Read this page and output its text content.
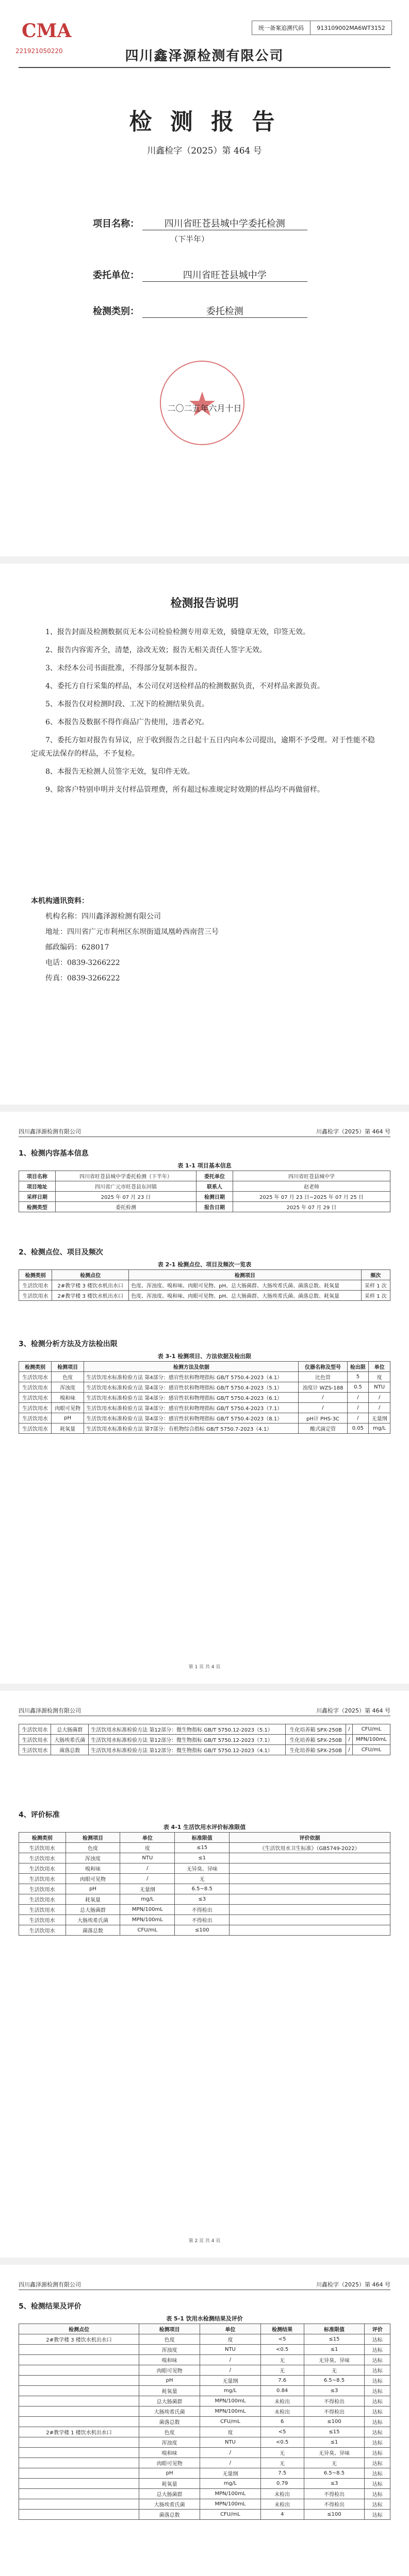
CMA
221921050220
统一备案追溯代码	913109002MA6WT3152
四川鑫泽源检测有限公司
检 测 报 告
川鑫检字（2025）第 464 号
项目名称：	四川省旺苍县城中学委托检测
（下半年）
委托单位：	四川省旺苍县城中学
检测类别：	委托检测
二〇二五年六月十日
检测报告说明

1、报告封面及检测数据页无本公司检验检测专用章无效，骑缝章无效，印签无效。

2、报告内容需齐全，清楚，涂改无效；报告无相关责任人签字无效。

3、未经本公司书面批准，不得部分复制本报告。

4、委托方自行采集的样品，本公司仅对送检样品的检测数据负责，不对样品来源负责。

5、本报告仅对检测时段、工况下的检测结果负责。

6、本报告及数据不得作商品广告使用，违者必究。

7、委托方如对报告有异议，应于收到报告之日起十五日内向本公司提出，逾期不予受理。对于性能不稳定或无法保存的样品，不予复检。

8、本报告无检测人员签字无效，复印件无效。

9、除客户特别申明并支付样品管理费，所有超过标准规定时效期的样品均不再做留样。

本机构通讯资料：
机构名称：四川鑫泽源检测有限公司
地址：四川省广元市利州区东坝街道凤凰岭西南营三号
邮政编码：628017
电话：0839-3266222
传真：0839-3266222
四川鑫泽源检测有限公司	川鑫检字（2025）第 464 号
1、检测内容基本信息
表 1-1 项目基本信息
项目名称	四川省旺苍县城中学委托检测（下半年）	委托单位	四川省旺苍县城中学
项目地址	四川省广元市旺苍县东河镇	联系人	赵老师
采样日期	2025 年 07 月 23 日	检测日期	2025 年 07 月 23 日~2025 年 07 月 25 日
检测类型	委托检测	报告日期	2025 年 07 月 29 日
2、检测点位、项目及频次
表 2-1 检测点位、项目及频次一览表
检测类别	检测点位	检测项目	频次
生活饮用水	2#教学楼 3 楼饮水机出水口	色度、浑浊度、嗅和味、肉眼可见物、pH、总大肠菌群、大肠埃希氏菌、菌落总数、耗氧量	采样 1 次
生活饮用水	2#教学楼 3 楼饮水机出水口	色度、浑浊度、嗅和味、肉眼可见物、pH、总大肠菌群、大肠埃希氏菌、菌落总数、耗氧量	采样 1 次
3、检测分析方法及方法检出限
表 3-1 检测项目、方法依据及检出限
检测类别	检测项目	检测方法及依据	仪器名称及型号	检出限	单位
生活饮用水	色度	生活饮用水标准检验方法 第4部分：感官性状和物理指标 GB/T 5750.4-2023（4.1）	比色管	5	度
生活饮用水	浑浊度	生活饮用水标准检验方法 第4部分：感官性状和物理指标 GB/T 5750.4-2023（5.1）	浊度计 WZS-188	0.5	NTU
生活饮用水	嗅和味	生活饮用水标准检验方法 第4部分：感官性状和物理指标 GB/T 5750.4-2023（6.1）	/	/	/
生活饮用水	肉眼可见物	生活饮用水标准检验方法 第4部分：感官性状和物理指标 GB/T 5750.4-2023（7.1）	/	/	/
生活饮用水	pH	生活饮用水标准检验方法 第4部分：感官性状和物理指标 GB/T 5750.4-2023（8.1）	pH计 PHS-3C	/	无量纲
生活饮用水	耗氧量	生活饮用水标准检验方法 第7部分：有机物综合指标 GB/T 5750.7-2023（4.1）	酸式滴定管	0.05	mg/L
第 1 页 共 4 页
四川鑫泽源检测有限公司	川鑫检字（2025）第 464 号
生活饮用水	总大肠菌群	生活饮用水标准检验方法 第12部分：微生物指标 GB/T 5750.12-2023（5.1）	生化培养箱 SPX-250B	/	CFU/mL
生活饮用水	大肠埃希氏菌	生活饮用水标准检验方法 第12部分：微生物指标 GB/T 5750.12-2023（7.1）	生化培养箱 SPX-250B	/	MPN/100mL
生活饮用水	菌落总数	生活饮用水标准检验方法 第12部分：微生物指标 GB/T 5750.12-2023（4.1）	生化培养箱 SPX-250B	/	CFU/mL
4、评价标准
表 4-1 生活饮用水评价标准限值
检测类别	检测项目	单位	标准限值	评价依据
生活饮用水	色度	度	≤15	《生活饮用水卫生标准》（GB5749-2022）
生活饮用水	浑浊度	NTU	≤1	
生活饮用水	嗅和味	/	无异臭、异味	
生活饮用水	肉眼可见物	/	无	
生活饮用水	pH	无量纲	6.5~8.5	
生活饮用水	耗氧量	mg/L	≤3	
生活饮用水	总大肠菌群	MPN/100mL	不得检出	
生活饮用水	大肠埃希氏菌	MPN/100mL	不得检出	
生活饮用水	菌落总数	CFU/mL	≤100	
第 2 页 共 4 页
四川鑫泽源检测有限公司	川鑫检字（2025）第 464 号
5、检测结果及评价
表 5-1 饮用水检测结果及评价
检测点位	检测项目	单位	检测结果	标准限值	评价
2#教学楼 3 楼饮水机出水口	色度	度	<5	≤15	达标
	浑浊度	NTU	<0.5	≤1	达标
	嗅和味	/	无	无异臭、异味	达标
	肉眼可见物	/	无	无	达标
	pH	无量纲	7.6	6.5~8.5	达标
	耗氧量	mg/L	0.84	≤3	达标
	总大肠菌群	MPN/100mL	未检出	不得检出	达标
	大肠埃希氏菌	MPN/100mL	未检出	不得检出	达标
	菌落总数	CFU/mL	6	≤100	达标
2#教学楼 1 楼饮水机出水口	色度	度	<5	≤15	达标
	浑浊度	NTU	<0.5	≤1	达标
	嗅和味	/	无	无异臭、异味	达标
	肉眼可见物	/	无	无	达标
	pH	无量纲	7.5	6.5~8.5	达标
	耗氧量	mg/L	0.79	≤3	达标
	总大肠菌群	MPN/100mL	未检出	不得检出	达标
	大肠埃希氏菌	MPN/100mL	未检出	不得检出	达标
	菌落总数	CFU/mL	4	≤100	达标
